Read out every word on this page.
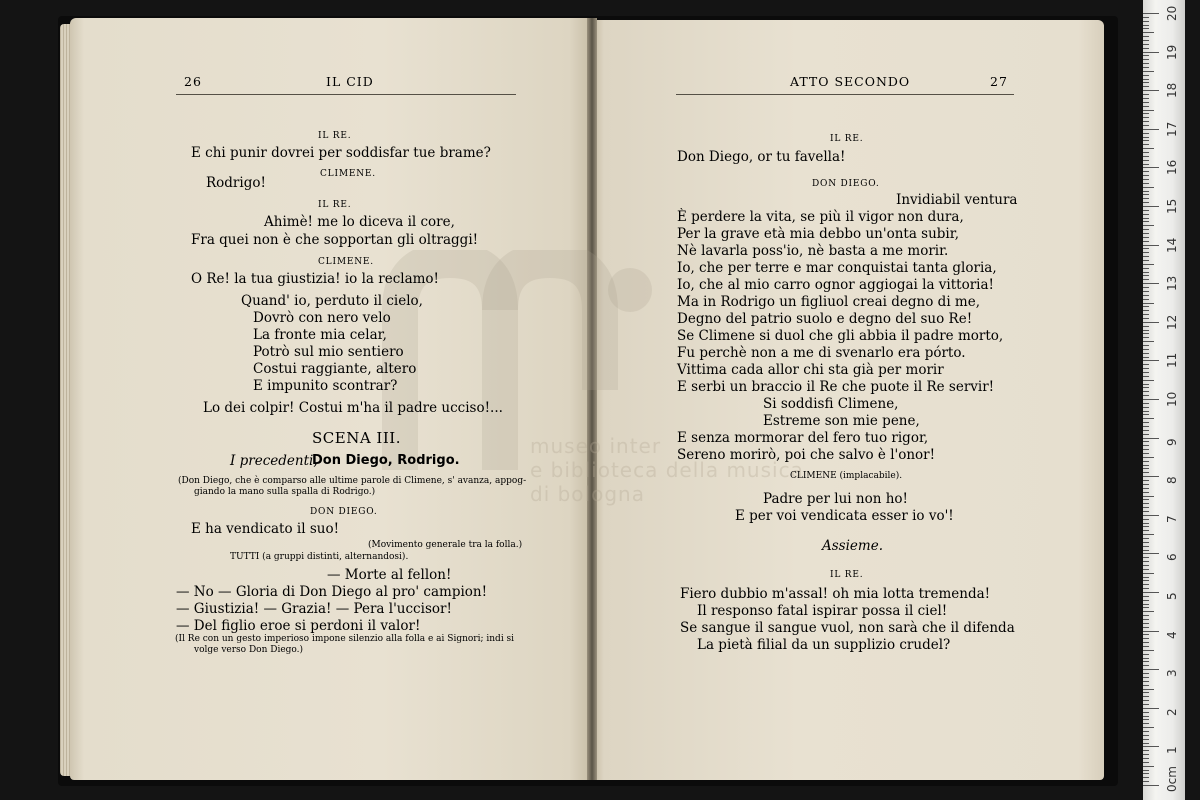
26	IL CID	ATTO SECONDO	27
museo inter
e biblioteca della musica
di bologna
IL RE.
E chi punir dovrei per soddisfar tue brame?
CLIMENE.
Rodrigo!
IL RE.
Ahimè! me lo diceva il core,
Fra quei non è che sopportan gli oltraggi!
CLIMENE.
O Re! la tua giustizia! io la reclamo!
Quand' io, perduto il cielo,
Dovrò con nero velo
La fronte mia celar,
Potrò sul mio sentiero
Costui raggiante, altero
E impunito scontrar?
Lo dei colpir! Costui m'ha il padre ucciso!...
SCENA III.
I precedenti,
Don Diego, Rodrigo.
(Don Diego, che è comparso alle ultime parole di Climene, s' avanza, appog-
giando la mano sulla spalla di Rodrigo.)
DON DIEGO.
E ha vendicato il suo!
(Movimento generale tra la folla.)
TUTTI (a gruppi distinti, alternandosi).
— Morte al fellon!
— No — Gloria di Don Diego al pro' campion!
— Giustizia! — Grazia! — Pera l'uccisor!
— Del figlio eroe si perdoni il valor!
(Il Re con un gesto imperioso impone silenzio alla folla e ai Signori; indi si
volge verso Don Diego.)
IL RE.
Don Diego, or tu favella!
DON DIEGO.
Invidiabil ventura
È perdere la vita, se più il vigor non dura,
Per la grave età mia debbo un'onta subir,
Nè lavarla poss'io, nè basta a me morir.
Io, che per terre e mar conquistai tanta gloria,
Io, che al mio carro ognor aggiogai la vittoria!
Ma in Rodrigo un figliuol creai degno di me,
Degno del patrio suolo e degno del suo Re!
Se Climene si duol che gli abbia il padre morto,
Fu perchè non a me di svenarlo era pórto.
Vittima cada allor chi sta già per morir
E serbi un braccio il Re che puote il Re servir!
Si soddisfi Climene,
Estreme son mie pene,
E senza mormorar del fero tuo rigor,
Sereno morirò, poi che salvo è l'onor!
CLIMENE (implacabile).
Padre per lui non ho!
E per voi vendicata esser io vo'!
Assieme.
IL RE.
Fiero dubbio m'assal! oh mia lotta tremenda!
Il responso fatal ispirar possa il ciel!
Se sangue il sangue vuol, non sarà che il difenda
La pietà filial da un supplizio crudel?
1
2
3
4
5
6
7
8
9
10
11
12
13
14
15
16
17
18
19
20
0cm
